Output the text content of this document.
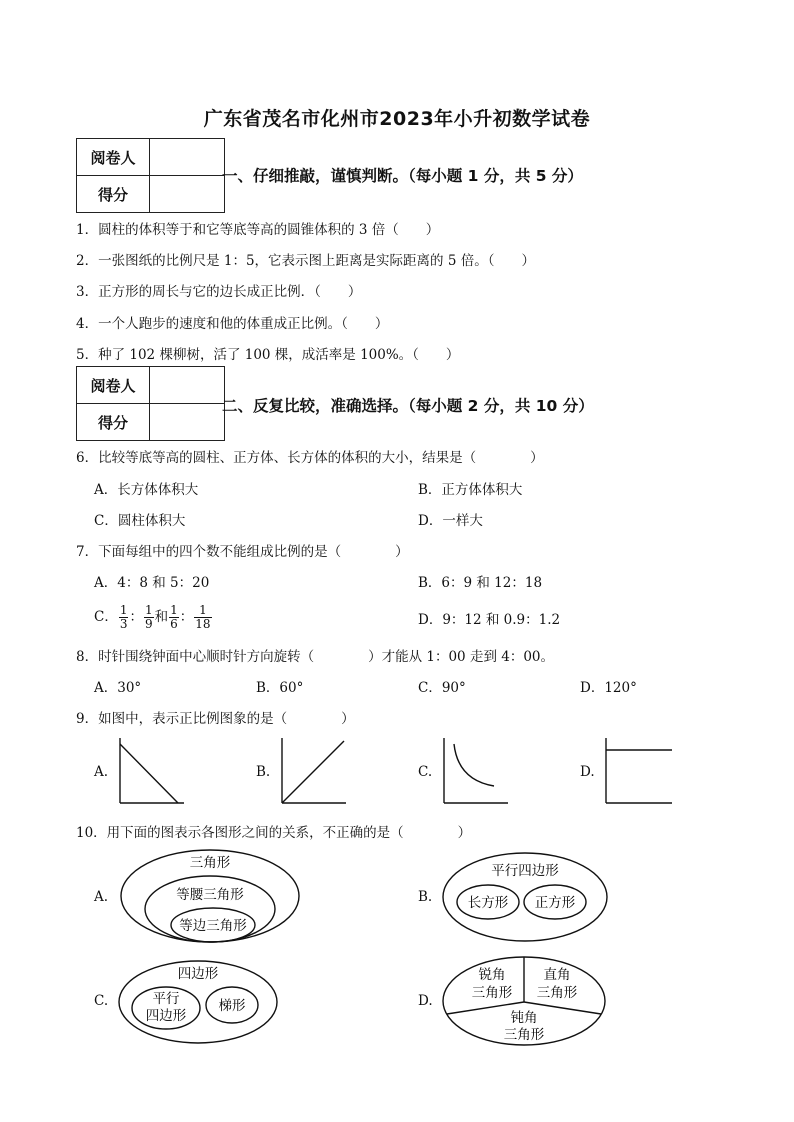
广东省茂名市化州市2023年小升初数学试卷
阅卷人	
得分	
一、仔细推敲，谨慎判断。（每小题 1 分，共 5 分）
1．圆柱的体积等于和它等底等高的圆锥体积的 3 倍（　　）
2．一张图纸的比例尺是 1：5，它表示图上距离是实际距离的 5 倍。（　　）
3．正方形的周长与它的边长成正比例．（　　）
4．一个人跑步的速度和他的体重成正比例。（　　）
5．种了 102 棵柳树，活了 100 棵，成活率是 100%。（　　）
阅卷人	
得分	
二、反复比较，准确选择。（每小题 2 分，共 10 分）
6．比较等底等高的圆柱、正方体、长方体的体积的大小，结果是（　　　　）
A．长方体体积大	B．正方体体积大
C．圆柱体积大	D．一样大
7．下面每组中的四个数不能组成比例的是（　　　　）
A．4：8 和 5：20	B．6：9 和 12：18
C． $\frac{1}{3}$ ： $\frac{1}{9}$ 和 $\frac{1}{6}$ ： $\frac{1}{18}$	D．9：12 和 0.9：1.2
8．时针围绕钟面中心顺时针方向旋转（　　　　）才能从 1：00 走到 4：00。
A．30°	B．60°	C．90°	D．120°
9．如图中，表示正比例图象的是（　　　　）
A.	B.	C.	D.
10．用下面的图表示各图形之间的关系，不正确的是（　　　　）
A.
三角形
等腰三角形
等边三角形
B.
平行四边形
长方形 正方形
C.
四边形
平行
四边形
梯形	D.
锐角
三角形
直角
三角形
钝角
三角形
